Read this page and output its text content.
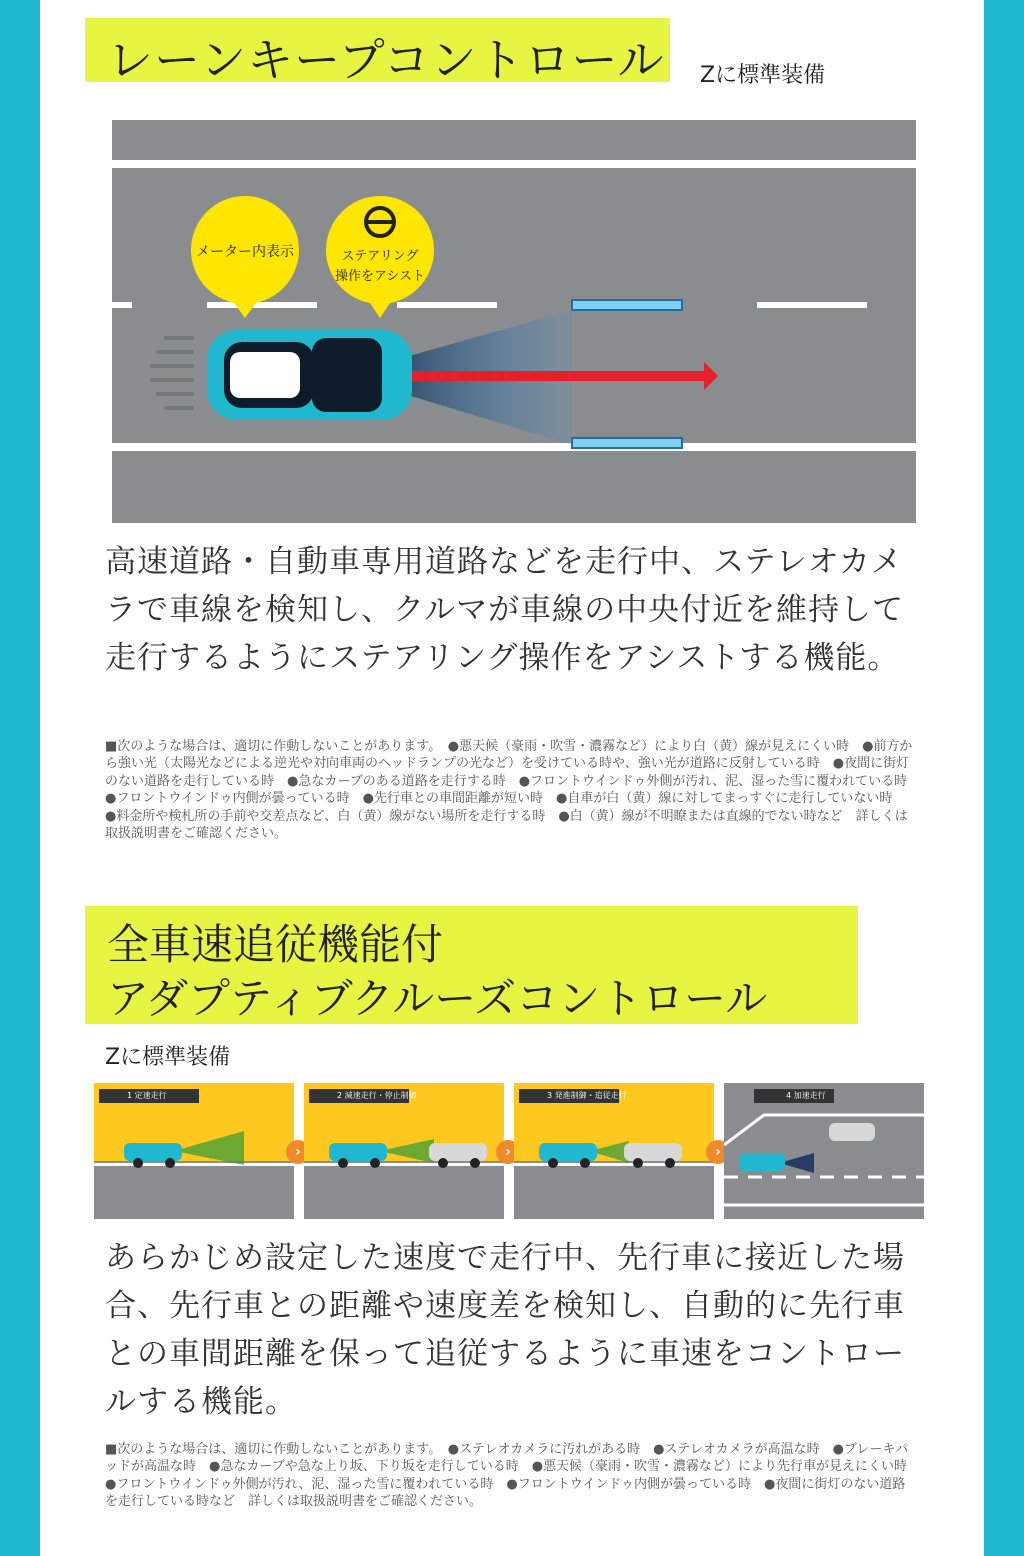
レーンキープコントロール Zに標準装備
メーター内表示	ステアリング
操作をアシスト
高速道路・自動車専用道路などを走行中、ステレオカメラで車線を検知し、クルマが車線の中央付近を維持して走行するようにステアリング操作をアシストする機能。
■次のような場合は、適切に作動しないことがあります。　●悪天候（豪雨・吹雪・濃霧など）により白（黄）線が見えにくい時　●前方から強い光（太陽光などによる逆光や対向車両のヘッドランプの光など）を受けている時や、強い光が道路に反射している時　●夜間に街灯のない道路を走行している時　●急なカーブのある道路を走行する時　●フロントウインドゥ外側が汚れ、泥、湿った雪に覆われている時　●フロントウインドゥ内側が曇っている時　●先行車との車間距離が短い時　●自車が白（黄）線に対してまっすぐに走行していない時　●料金所や検札所の手前や交差点など、白（黄）線がない場所を走行する時　●白（黄）線が不明瞭または直線的でない時など　詳しくは取扱説明書をご確認ください。
全車速追従機能付
アダプティブクルーズコントロール
Zに標準装備
1 定速走行
›
2 減速走行・停止制御
›
3 発進制御・追従走行
›
4 加速走行
あらかじめ設定した速度で走行中、先行車に接近した場合、先行車との距離や速度差を検知し、自動的に先行車との車間距離を保って追従するように車速をコントロールする機能。
■次のような場合は、適切に作動しないことがあります。　●ステレオカメラに汚れがある時　●ステレオカメラが高温な時　●ブレーキパッドが高温な時　●急なカーブや急な上り坂、下り坂を走行している時　●悪天候（豪雨・吹雪・濃霧など）により先行車が見えにくい時　●フロントウインドゥ外側が汚れ、泥、湿った雪に覆われている時　●フロントウインドゥ内側が曇っている時　●夜間に街灯のない道路を走行している時など　詳しくは取扱説明書をご確認ください。
